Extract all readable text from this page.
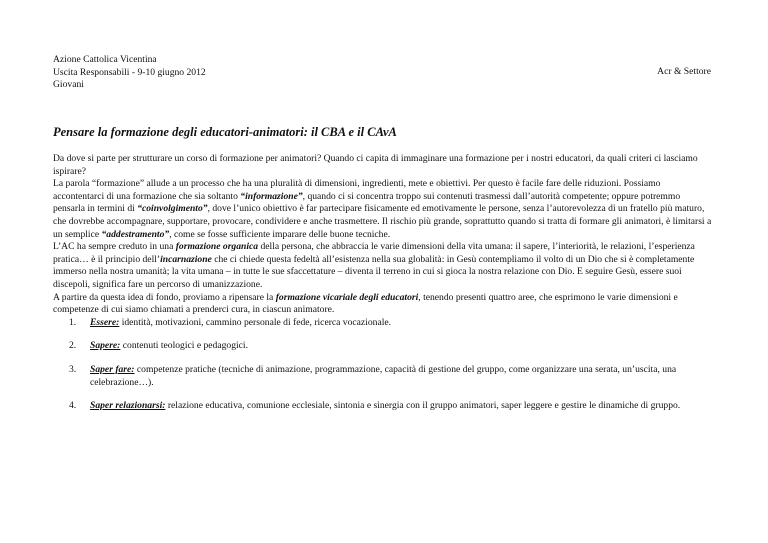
Azione Cattolica Vicentina
Uscita Responsabili - 9-10 giugno 2012
Giovani
Acr & Settore
Pensare la formazione degli educatori-animatori: il CBA e il CAvA

Da dove si parte per strutturare un corso di formazione per animatori? Quando ci capita di immaginare una formazione per i nostri educatori, da quali criteri ci lasciamo ispirare?

La parola “formazione” allude a un processo che ha una pluralità di dimensioni, ingredienti, mete e obiettivi. Per questo è facile fare delle riduzioni. Possiamo accontentarci di una formazione che sia soltanto “informazione”, quando ci si concentra troppo sui contenuti trasmessi dall’autorità competente; oppure potremmo pensarla in termini di “coinvolgimento”, dove l’unico obiettivo è far partecipare fisicamente ed emotivamente le persone, senza l’autorevolezza di un fratello più maturo, che dovrebbe accompagnare, supportare, provocare, condividere e anche trasmettere. Il rischio più grande, soprattutto quando si tratta di formare gli animatori, è limitarsi a un semplice “addestramento”, come se fosse sufficiente imparare delle buone tecniche.

L’AC ha sempre creduto in una formazione organica della persona, che abbraccia le varie dimensioni della vita umana: il sapere, l’interiorità, le relazioni, l’esperienza pratica… è il principio dell’incarnazione che ci chiede questa fedeltà all’esistenza nella sua globalità: in Gesù contempliamo il volto di un Dio che si è completamente immerso nella nostra umanità; la vita umana – in tutte le sue sfaccettature – diventa il terreno in cui si gioca la nostra relazione con Dio. E seguire Gesù, essere suoi discepoli, significa fare un percorso di umanizzazione.

A partire da questa idea di fondo, proviamo a ripensare la formazione vicariale degli educatori, tenendo presenti quattro aree, che esprimono le varie dimensioni e competenze di cui siamo chiamati a prenderci cura, in ciascun animatore.

1. Essere: identità, motivazioni, cammino personale di fede, ricerca vocazionale.
2. Sapere: contenuti teologici e pedagogici.
3. Saper fare: competenze pratiche (tecniche di animazione, programmazione, capacità di gestione del gruppo, come organizzare una serata, un’uscita, una celebrazione…).
4. Saper relazionarsi: relazione educativa, comunione ecclesiale, sintonia e sinergia con il gruppo animatori, saper leggere e gestire le dinamiche di gruppo.
